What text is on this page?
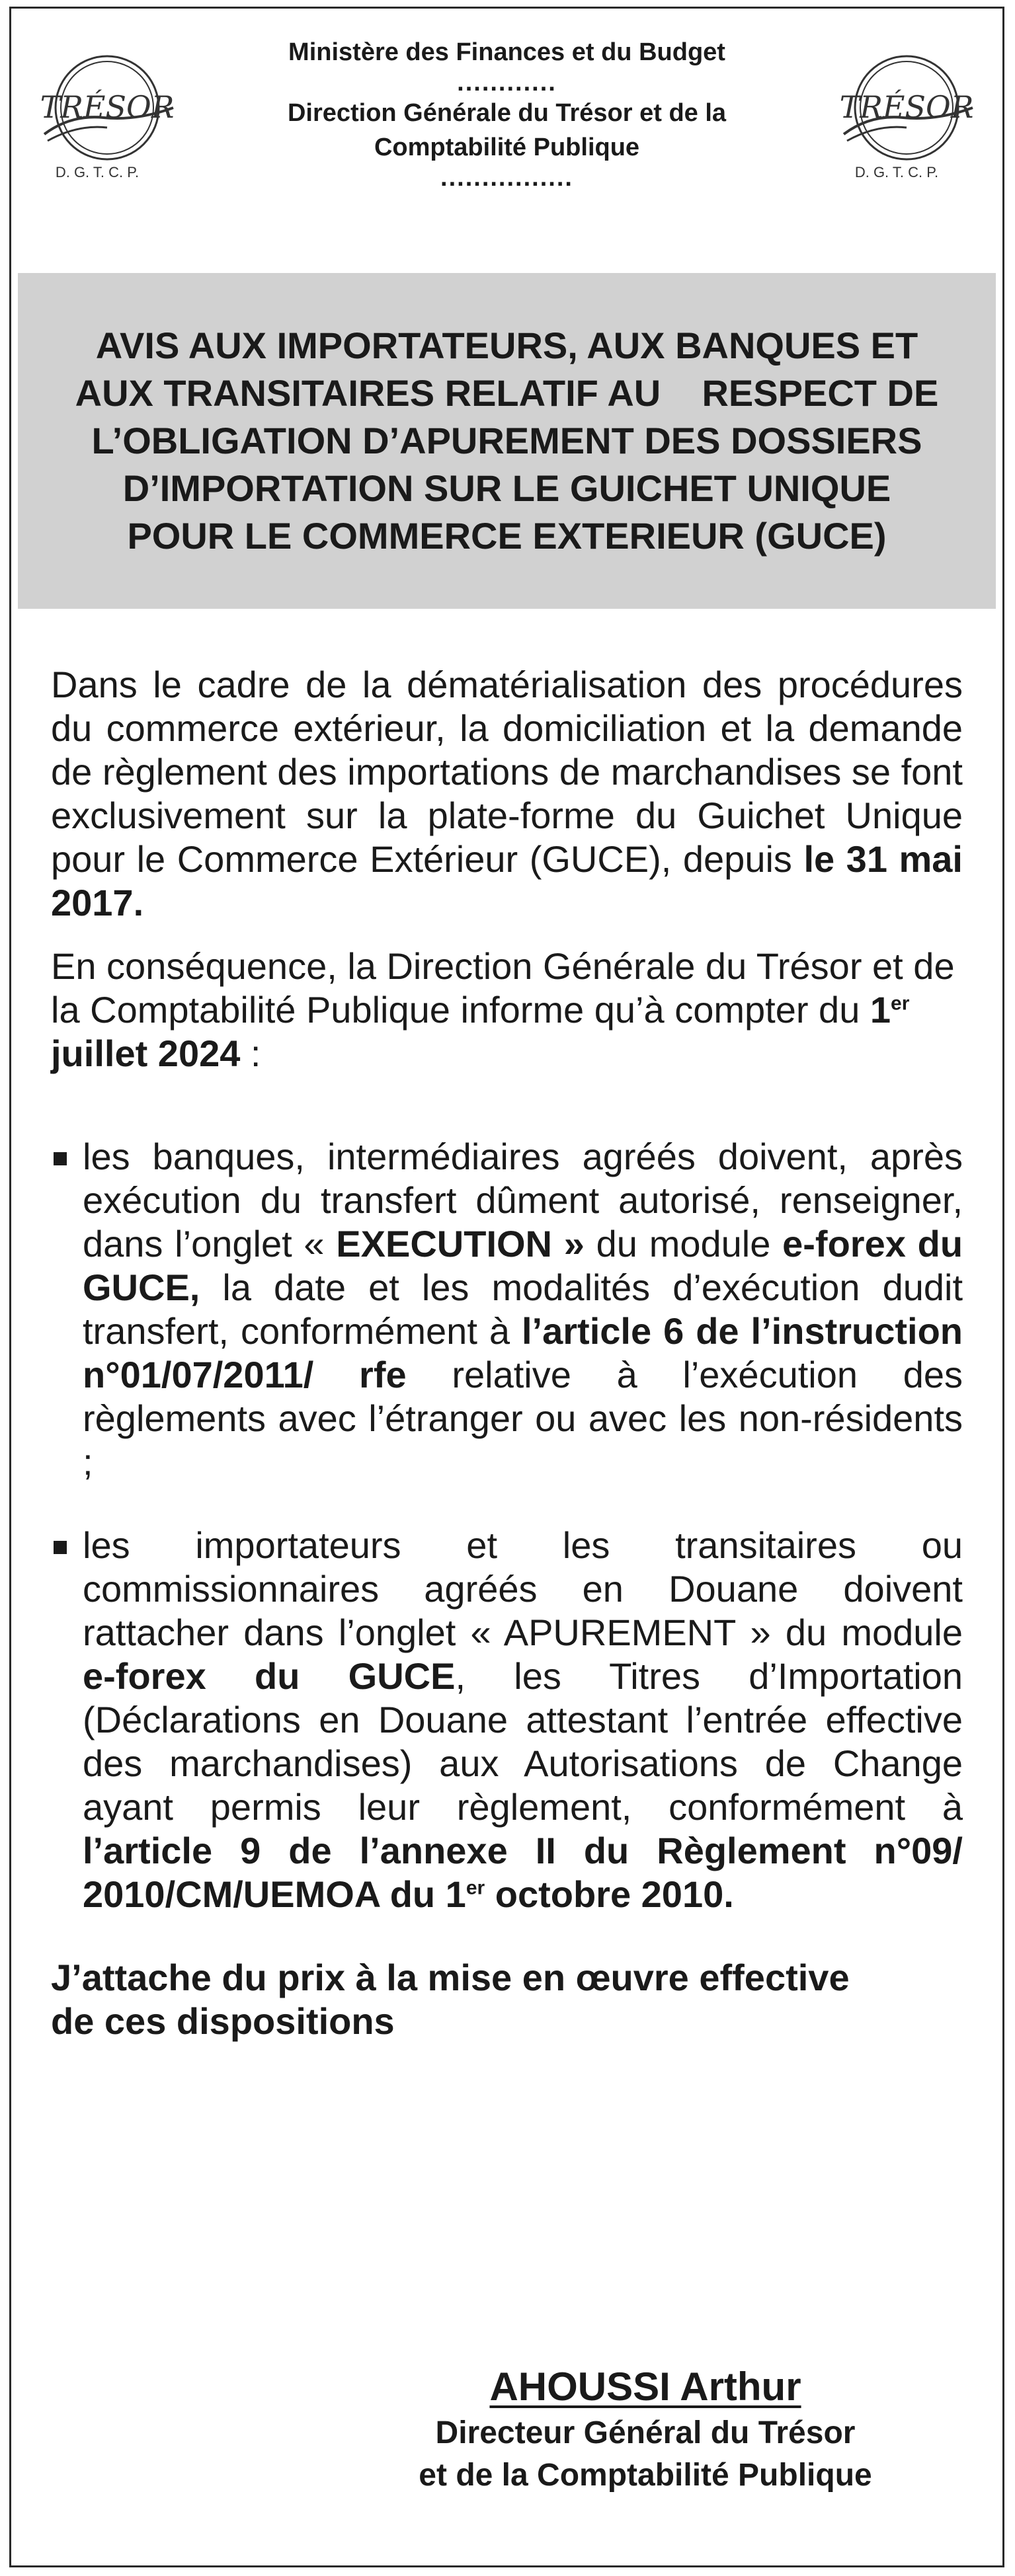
TRÉSOR
D. G. T. C. P.
Ministère des Finances et du Budget
............
Direction Générale du Trésor et de la
Comptabilité Publique
................
TRÉSOR
D. G. T. C. P.
AVIS AUX IMPORTATEURS, AUX BANQUES ET
AUX TRANSITAIRES RELATIF AU    RESPECT DE
L’OBLIGATION D’APUREMENT DES DOSSIERS
D’IMPORTATION SUR LE GUICHET UNIQUE
POUR LE COMMERCE EXTERIEUR (GUCE)

Dans le cadre de la dématérialisation des procédures du commerce extérieur, la domiciliation et la demande de règlement des importations de marchandises se font exclusivement sur la plate-forme du Guichet Unique pour le Commerce Extérieur (GUCE), depuis le 31 mai 2017.

En conséquence, la Direction Générale du Trésor et de la Comptabilité Publique informe qu’à compter du 1er juillet 2024 :

les banques, intermédiaires agréés doivent, après exécution du transfert dûment autorisé, renseigner, dans l’onglet « EXECUTION » du module e-forex du GUCE, la date et les modalités d’exécution dudit transfert, conformément à l’article 6 de l’instruction n°01/07/2011/ rfe relative à l’exécution des règlements avec l’étranger ou avec les non-résidents ;
les importateurs et les transitaires ou commissionnaires agréés en Douane doivent rattacher dans l’onglet « APUREMENT » du module e-forex du GUCE, les Titres d’Importation (Déclarations en Douane attestant l’entrée effective des marchandises) aux Autorisations de Change ayant permis leur règlement, conformément à l’article 9 de l’annexe II du Règlement n°09/ 2010/CM/UEMOA du 1er octobre 2010.
J’attache du prix à la mise en œuvre effective
de ces dispositions
AHOUSSI Arthur
Directeur Général du Trésor
et de la Comptabilité Publique
